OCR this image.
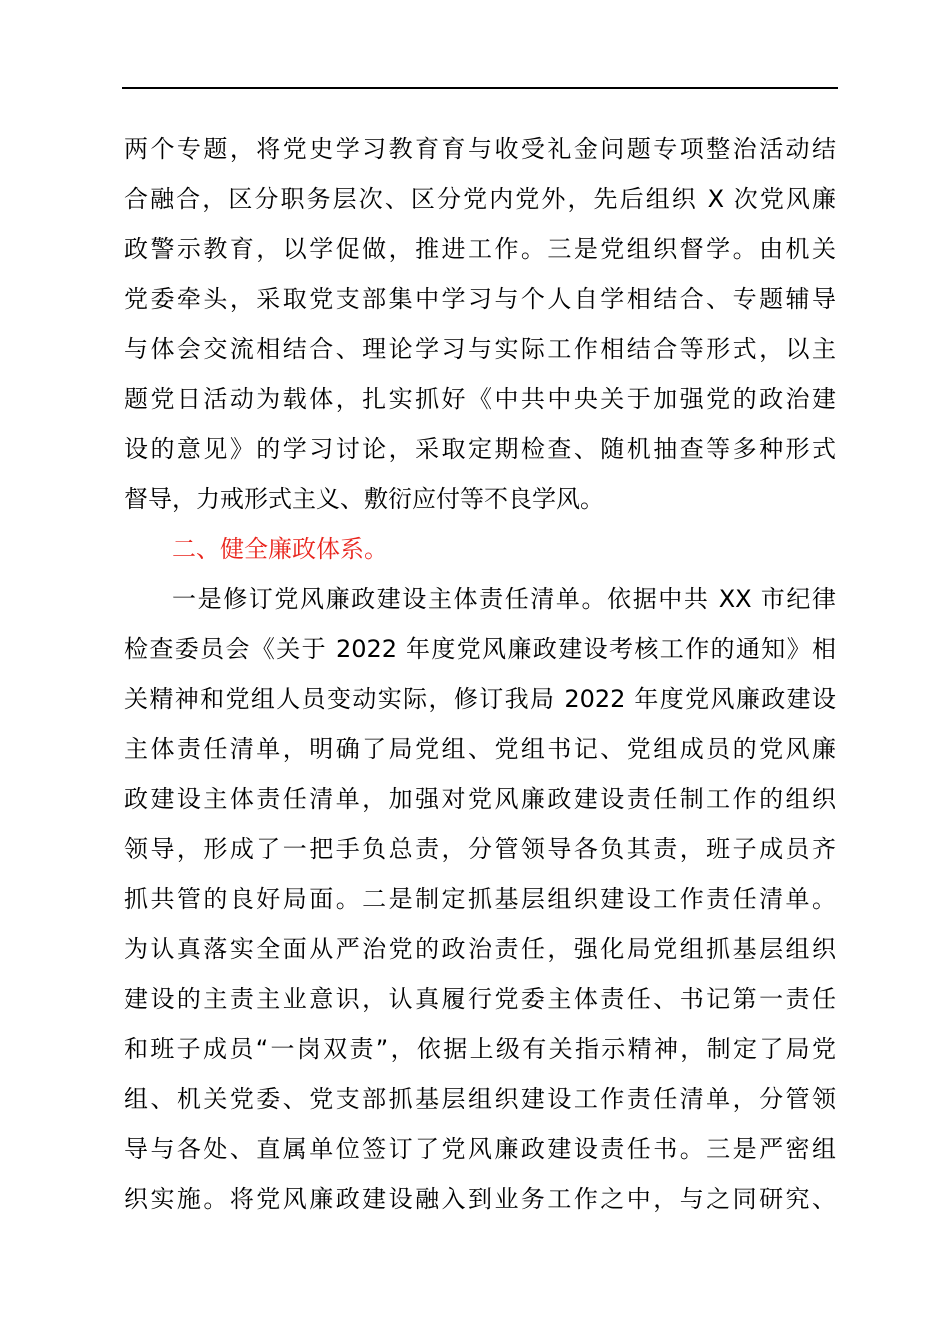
两个专题，将党史学习教育育与收受礼金问题专项整治活动结
合融合，区分职务层次、区分党内党外，先后组织 X 次党风廉
政警示教育，以学促做，推进工作。三是党组织督学。由机关
党委牵头，采取党支部集中学习与个人自学相结合、专题辅导
与体会交流相结合、理论学习与实际工作相结合等形式，以主
题党日活动为载体，扎实抓好《中共中央关于加强党的政治建
设的意见》的学习讨论，采取定期检查、随机抽查等多种形式
督导，力戒形式主义、敷衍应付等不良学风。
二、健全廉政体系。
一是修订党风廉政建设主体责任清单。依据中共 XX 市纪律
检查委员会《关于 2022 年度党风廉政建设考核工作的通知》相
关精神和党组人员变动实际，修订我局 2022 年度党风廉政建设
主体责任清单，明确了局党组、党组书记、党组成员的党风廉
政建设主体责任清单，加强对党风廉政建设责任制工作的组织
领导，形成了一把手负总责，分管领导各负其责，班子成员齐
抓共管的良好局面。二是制定抓基层组织建设工作责任清单。
为认真落实全面从严治党的政治责任，强化局党组抓基层组织
建设的主责主业意识，认真履行党委主体责任、书记第一责任
和班子成员“一岗双责”，依据上级有关指示精神，制定了局党
组、机关党委、党支部抓基层组织建设工作责任清单，分管领
导与各处、直属单位签订了党风廉政建设责任书。三是严密组
织实施。将党风廉政建设融入到业务工作之中，与之同研究、
